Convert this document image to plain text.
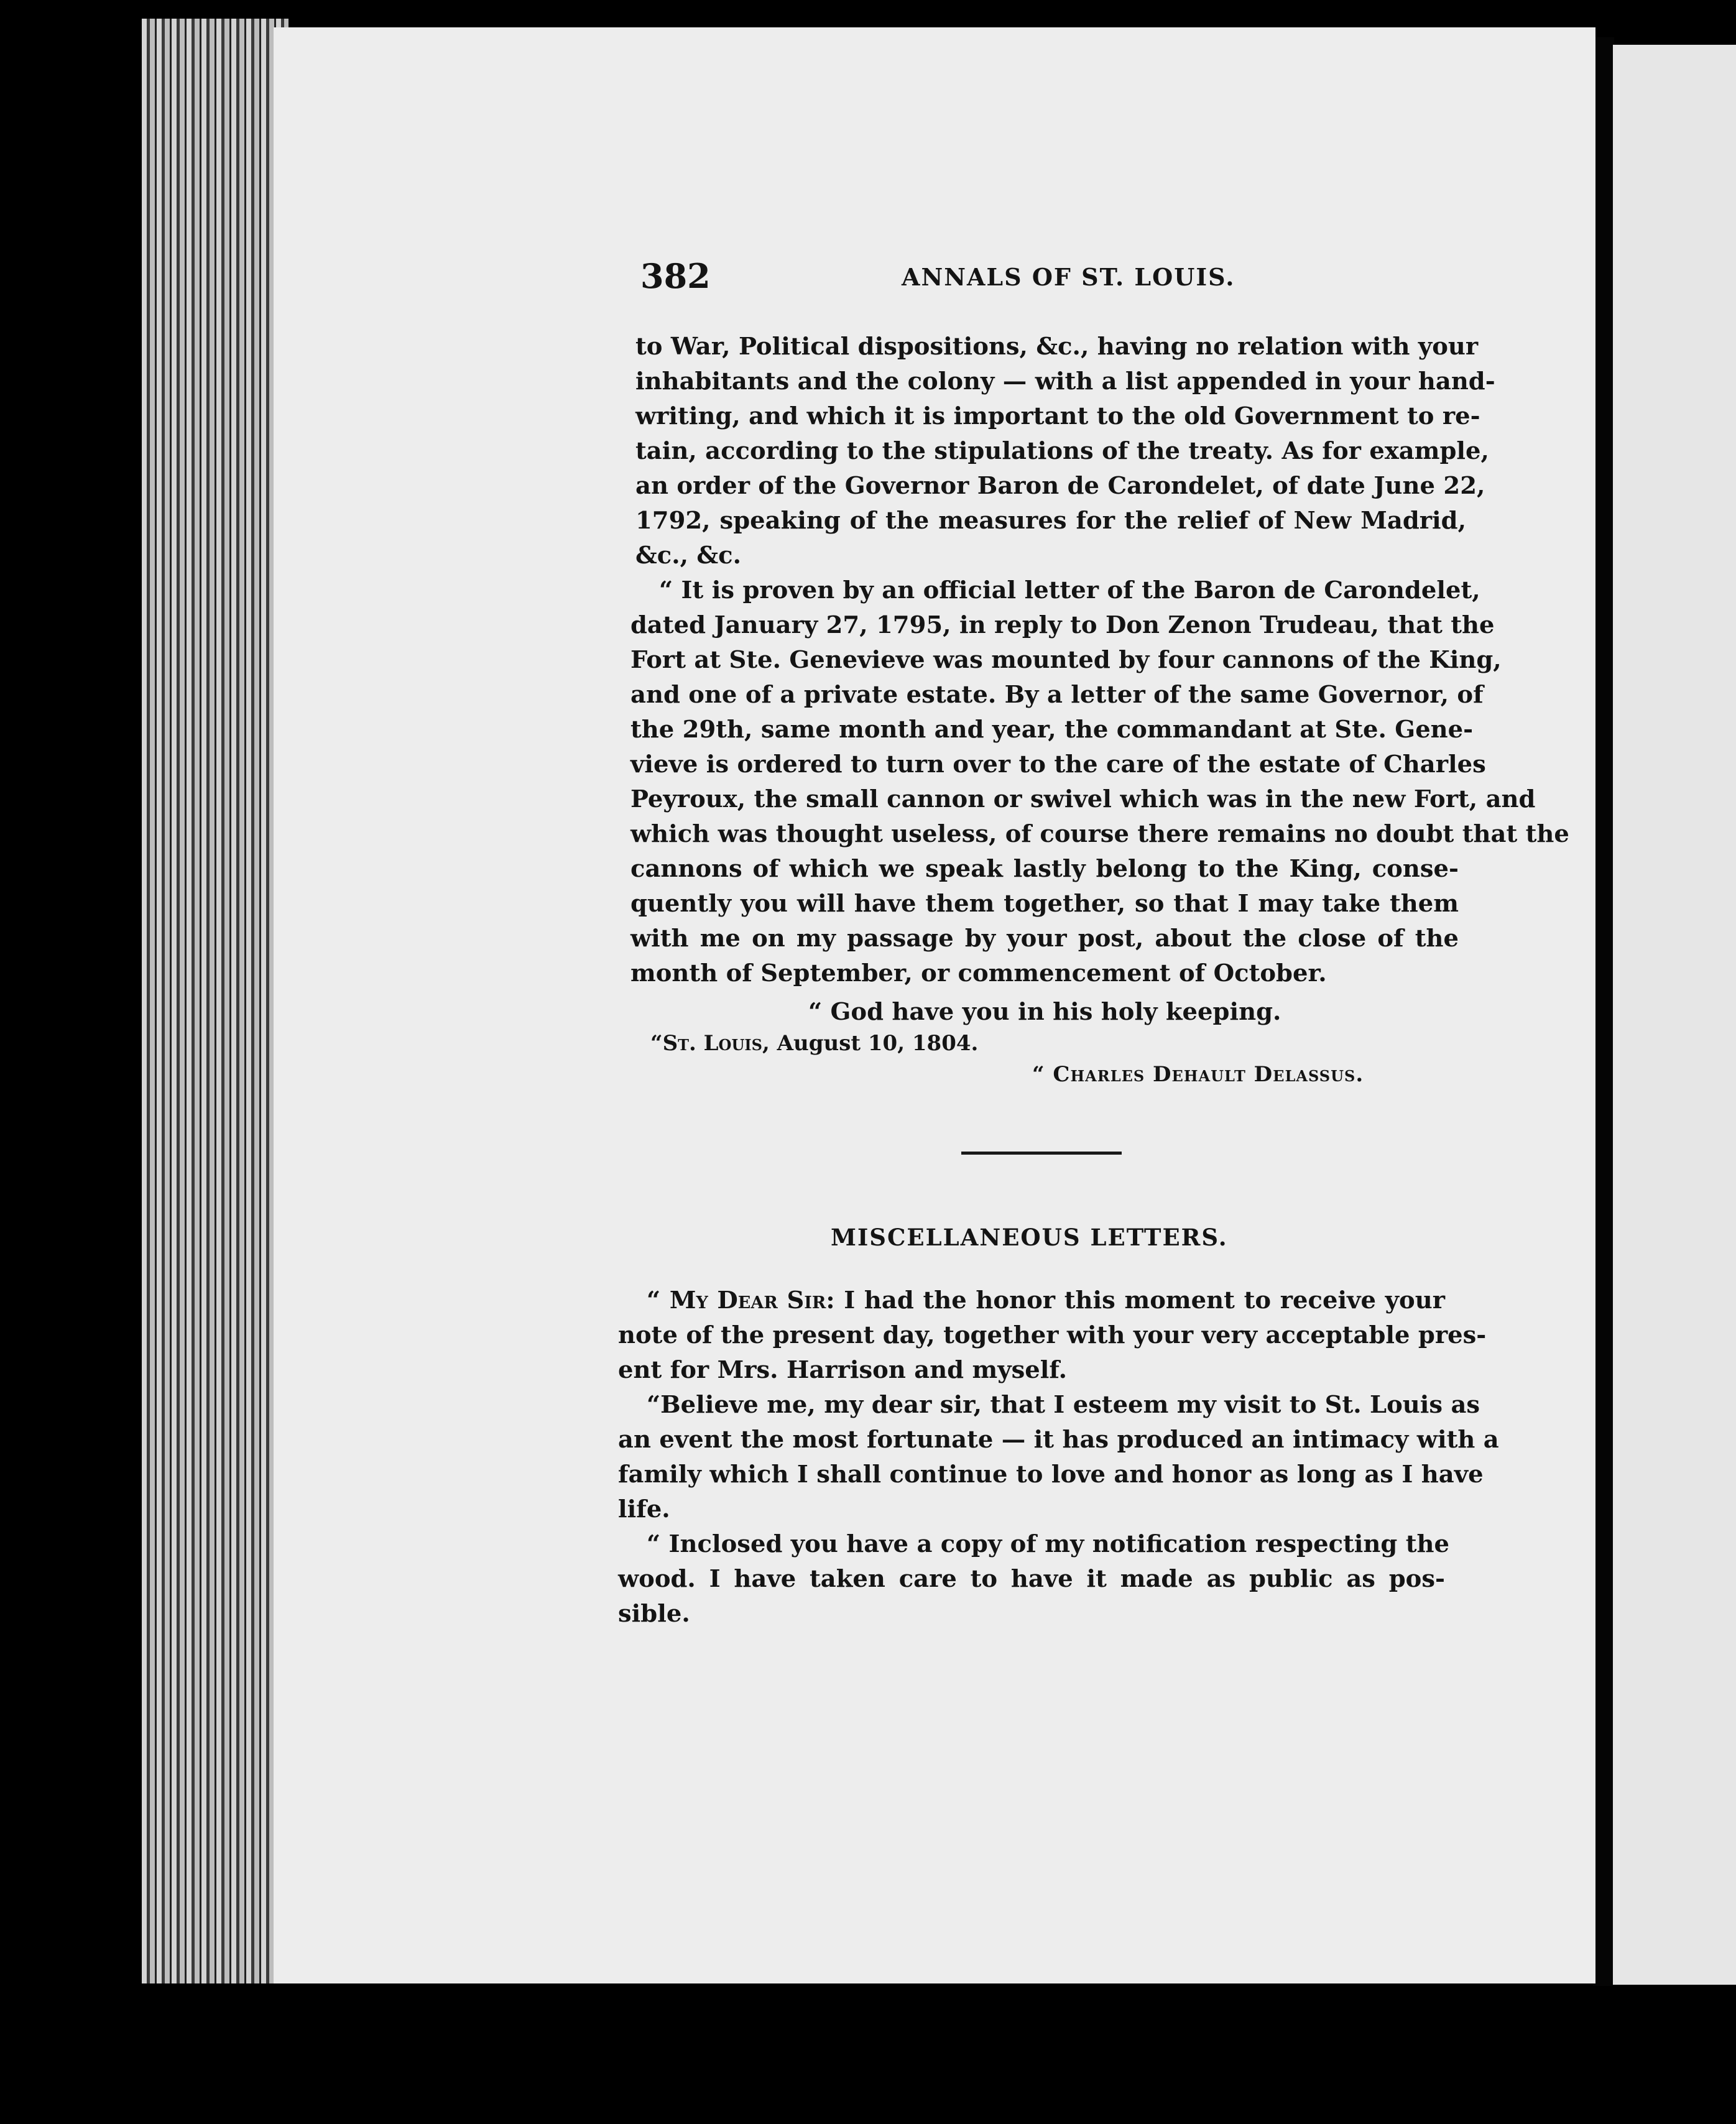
382	ANNALS OF ST. LOUIS.
to War, Political dispositions, &c., having no relation with your
inhabitants and the colony — with a list appended in your hand-
writing, and which it is important to the old Government to re-
tain, according to the stipulations of the treaty. As for example,
an order of the Governor Baron de Carondelet, of date June 22,
1792, speaking of the measures for the relief of New Madrid,
&c., &c.
“ It is proven by an official letter of the Baron de Carondelet,
dated January 27, 1795, in reply to Don Zenon Trudeau, that the
Fort at Ste. Genevieve was mounted by four cannons of the King,
and one of a private estate. By a letter of the same Governor, of
the 29th, same month and year, the commandant at Ste. Gene-
vieve is ordered to turn over to the care of the estate of Charles
Peyroux, the small cannon or swivel which was in the new Fort, and
which was thought useless, of course there remains no doubt that the
cannons of which we speak lastly belong to the King, conse-
quently you will have them together, so that I may take them
with me on my passage by your post, about the close of the
month of September, or commencement of October.
“ God have you in his holy keeping.
“St. Louis, August 10, 1804.
“ Charles Dehault Delassus.
MISCELLANEOUS LETTERS.
“ My Dear Sir: I had the honor this moment to receive your
note of the present day, together with your very acceptable pres-
ent for Mrs. Harrison and myself.
“Believe me, my dear sir, that I esteem my visit to St. Louis as
an event the most fortunate — it has produced an intimacy with a
family which I shall continue to love and honor as long as I have
life.
“ Inclosed you have a copy of my notification respecting the
wood. I have taken care to have it made as public as pos-
sible.
